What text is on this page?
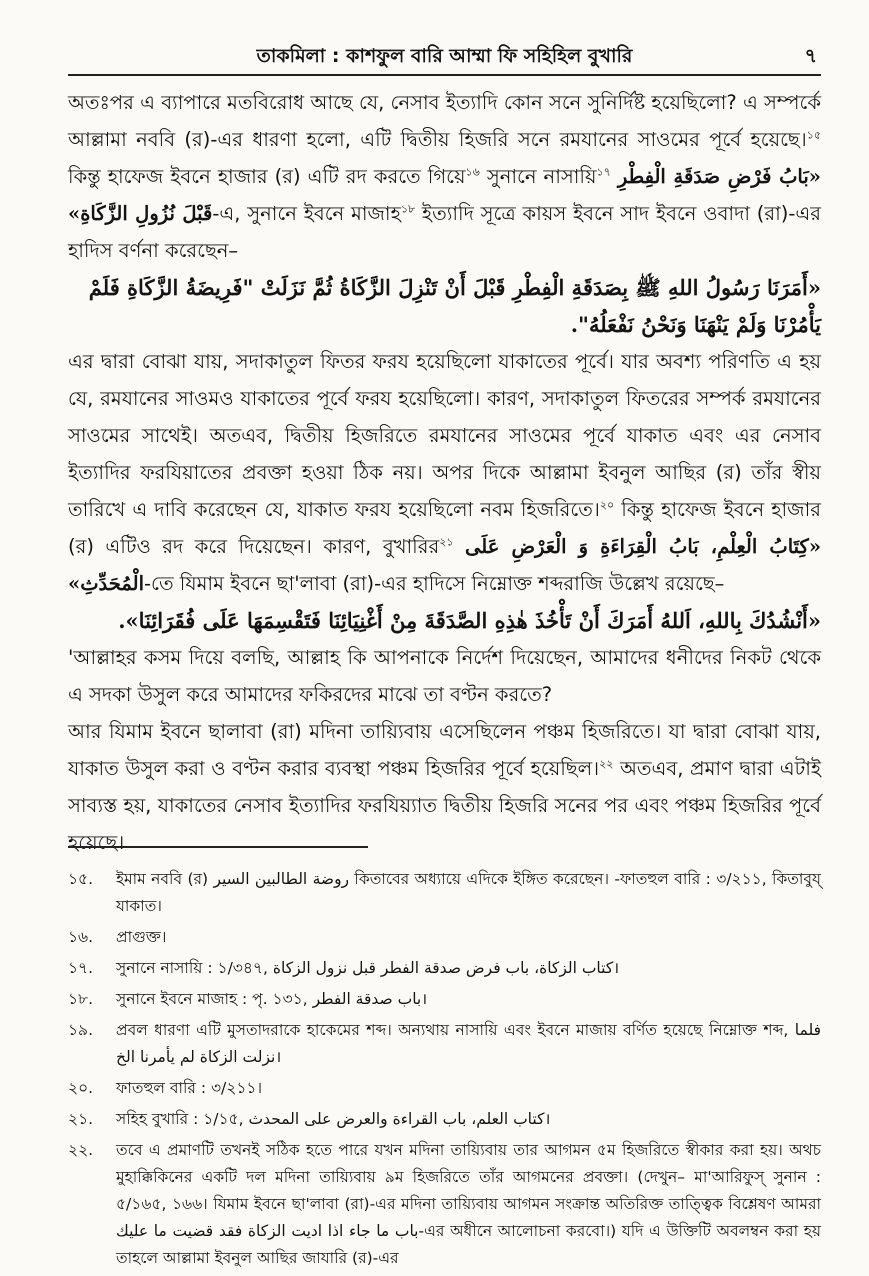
তাকমিলা : কাশফুল বারি আম্মা ফি সহিহিল বুখারি	৭

অতঃপর এ ব্যাপারে মতবিরোধ আছে যে, নেসাব ইত্যাদি কোন সনে সুনির্দিষ্ট হয়েছিলো? এ সম্পর্কে আল্লামা নববি (র)-এর ধারণা হলো, এটি দ্বিতীয় হিজরি সনে রমযানের সাওমের পূর্বে হয়েছে।$^{১৫}$ কিন্তু হাফেজ ইবনে হাজার (র) এটি রদ করতে গিয়ে$^{১৬}$ সুনানে নাসায়ি$^{১৭}$ «بَابُ فَرْضِ صَدَقَةِ الْفِطْرِ قَبْلَ نُزُولِ الزَّكَاةِ»-এ, সুনানে ইবনে মাজাহ$^{১৮}$ ইত্যাদি সূত্রে কায়স ইবনে সাদ ইবনে ওবাদা (রা)-এর হাদিস বর্ণনা করেছেন–

«أَمَرَنَا رَسُولُ اللهِ ﷺ بِصَدَقَةِ الْفِطْرِ قَبْلَ أَنْ تَنْزِلَ الزَّكَاةُ ثُمَّ نَزَلَتْ "فَرِيضَةُ الزَّكَاةِ فَلَمْ يَأْمُرْنَا وَلَمْ يَنْهَنَا وَنَحْنُ نَفْعَلُهُ".

এর দ্বারা বোঝা যায়, সদাকাতুল ফিতর ফরয হয়েছিলো যাকাতের পূর্বে। যার অবশ্য পরিণতি এ হয় যে, রমযানের সাওমও যাকাতের পূর্বে ফরয হয়েছিলো। কারণ, সদাকাতুল ফিতরের সম্পর্ক রমযানের সাওমের সাথেই। অতএব, দ্বিতীয় হিজরিতে রমযানের সাওমের পূর্বে যাকাত এবং এর নেসাব ইত্যাদির ফরযিয়াতের প্রবক্তা হওয়া ঠিক নয়। অপর দিকে আল্লামা ইবনুল আছির (র) তাঁর স্বীয় তারিখে এ দাবি করেছেন যে, যাকাত ফরয হয়েছিলো নবম হিজরিতে।$^{২০}$ কিন্তু হাফেজ ইবনে হাজার (র) এটিও রদ করে দিয়েছেন। কারণ, বুখারির$^{২১}$ «كِتَابُ الْعِلْمِ، بَابُ الْقِرَاءَةِ وَ الْعَرْضِ عَلَى الْمُحَدِّثِ»-তে যিমাম ইবনে ছা'লাবা (রা)-এর হাদিসে নিম্নোক্ত শব্দরাজি উল্লেখ রয়েছে–

«أَنْشُدُكَ بِاللهِ، اَللهُ أَمَرَكَ أَنْ تَأْخُذَ هٰذِهِ الصَّدَقَةَ مِنْ أَغْنِيَائِنَا فَتَقْسِمَهَا عَلَى فُقَرَائِنَا».

'আল্লাহর কসম দিয়ে বলছি, আল্লাহ কি আপনাকে নির্দেশ দিয়েছেন, আমাদের ধনীদের নিকট থেকে এ সদকা উসুল করে আমাদের ফকিরদের মাঝে তা বণ্টন করতে?

আর যিমাম ইবনে ছালাবা (রা) মদিনা তায়্যিবায় এসেছিলেন পঞ্চম হিজরিতে। যা দ্বারা বোঝা যায়, যাকাত উসুল করা ও বণ্টন করার ব্যবস্থা পঞ্চম হিজরির পূর্বে হয়েছিল।$^{২২}$ অতএব, প্রমাণ দ্বারা এটাই সাব্যস্ত হয়, যাকাতের নেসাব ইত্যাদির ফরযিয়্যাত দ্বিতীয় হিজরি সনের পর এবং পঞ্চম হিজরির পূর্বে হয়েছে।

১৫.	ইমাম নববি (র) روضة الطالبين السير কিতাবের অধ্যায়ে এদিকে ইঙ্গিত করেছেন। -ফাতহুল বারি : ৩/২১১, কিতাবুয্ যাকাত।
১৬.	প্রাগুক্ত।
১৭.	সুনানে নাসায়ি : ১/৩৪৭, كتاب الزكاة، باب فرض صدقة الفطر قبل نزول الزكاة।
১৮.	সুনানে ইবনে মাজাহ : পৃ. ১৩১, باب صدقة الفطر।
১৯.	প্রবল ধারণা এটি মুসতাদরাকে হাকেমের শব্দ। অন্যথায় নাসায়ি এবং ইবনে মাজায় বর্ণিত হয়েছে নিম্নোক্ত শব্দ, فلما نزلت الزكاة لم يأمرنا الخ।
২০.	ফাতহুল বারি : ৩/২১১।
২১.	সহিহ বুখারি : ১/১৫, كتاب العلم، باب القراءة والعرض على المحدث।
২২.	তবে এ প্রমাণটি তখনই সঠিক হতে পারে যখন মদিনা তায়্যিবায় তার আগমন ৫ম হিজরিতে স্বীকার করা হয়। অথচ মুহাক্কিকিনের একটি দল মদিনা তায়্যিবায় ৯ম হিজরিতে তাঁর আগমনের প্রবক্তা। (দেখুন– মা'আরিফুস্ সুনান : ৫/১৬৫, ১৬৬। যিমাম ইবনে ছা'লাবা (রা)-এর মদিনা তায়্যিবায় আগমন সংক্রান্ত অতিরিক্ত তাত্ত্বিক বিশ্লেষণ আমরা باب ما جاء اذا اديت الزكاة فقد قضيت ما عليك-এর অধীনে আলোচনা করবো।) যদি এ উক্তিটি অবলম্বন করা হয় তাহলে আল্লামা ইবনুল আছির জাযারি (র)-এর
